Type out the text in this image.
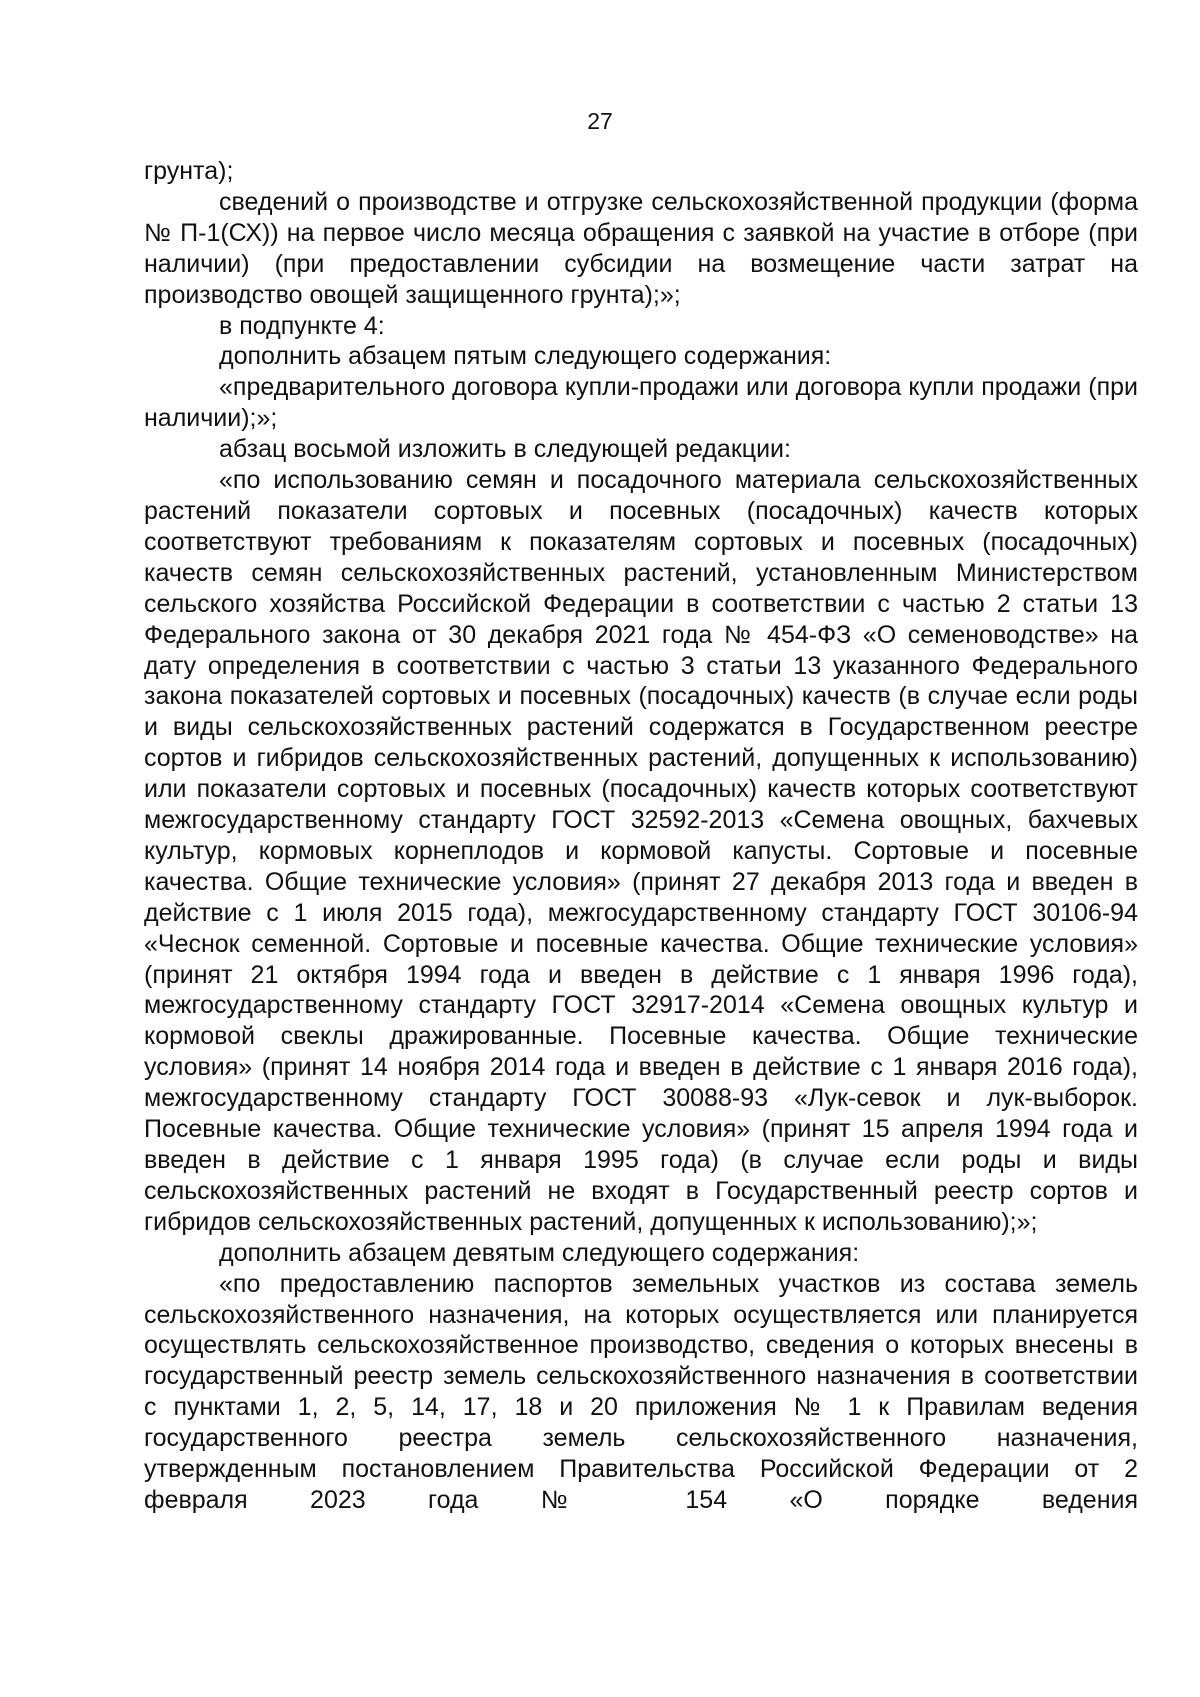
27

грунта);

сведений о производстве и отгрузке сельскохозяйственной продукции (форма № П-1(СХ)) на первое число месяца обращения с заявкой на участие в отборе (при наличии) (при предоставлении субсидии на возмещение части затрат на производство овощей защищенного грунта);»;

в подпункте 4:

дополнить абзацем пятым следующего содержания:

«предварительного договора купли-продажи или договора купли продажи (при наличии);»;

абзац восьмой изложить в следующей редакции:

«по использованию семян и посадочного материала сельскохозяйственных растений показатели сортовых и посевных (посадочных) качеств которых соответствуют требованиям к показателям сортовых и посевных (посадочных) качеств семян сельскохозяйственных растений, установленным Министерством сельского хозяйства Российской Федерации в соответствии с частью 2 статьи 13 Федерального закона от 30 декабря 2021 года № 454-ФЗ «О семеноводстве» на дату определения в соответствии с частью 3 статьи 13 указанного Федерального закона показателей сортовых и посевных (посадочных) качеств (в случае если роды и виды сельскохозяйственных растений содержатся в Государственном реестре сортов и гибридов сельскохозяйственных растений, допущенных к использованию) или показатели сортовых и посевных (посадочных) качеств которых соответствуют межгосударственному стандарту ГОСТ 32592-2013 «Семена овощных, бахчевых культур, кормовых корнеплодов и кормовой капусты. Сортовые и посевные качества. Общие технические условия» (принят 27 декабря 2013 года и введен в действие с 1 июля 2015 года), межгосударственному стандарту ГОСТ 30106-94 «Чеснок семенной. Сортовые и посевные качества. Общие технические условия» (принят 21 октября 1994 года и введен в действие с 1 января 1996 года), межгосударственному стандарту ГОСТ 32917-2014 «Семена овощных культур и кормовой свеклы дражированные. Посевные качества. Общие технические условия» (принят 14 ноября 2014 года и введен в действие с 1 января 2016 года), межгосударственному стандарту ГОСТ 30088-93 «Лук-севок и лук-выборок. Посевные качества. Общие технические условия» (принят 15 апреля 1994 года и введен в действие с 1 января 1995 года) (в случае если роды и виды сельскохозяйственных растений не входят в Государственный реестр сортов и гибридов сельскохозяйственных растений, допущенных к использованию);»;

дополнить абзацем девятым следующего содержания:

«по предоставлению паспортов земельных участков из состава земель сельскохозяйственного назначения, на которых осуществляется или планируется осуществлять сельскохозяйственное производство, сведения о которых внесены в государственный реестр земель сельскохозяйственного назначения в соответствии с пунктами 1, 2, 5, 14, 17, 18 и 20 приложения № 1 к Правилам ведения государственного реестра земель сельскохозяйственного назначения, утвержденным постановлением Правительства Российской Федерации от 2 февраля 2023 года № 154 «О порядке ведения
